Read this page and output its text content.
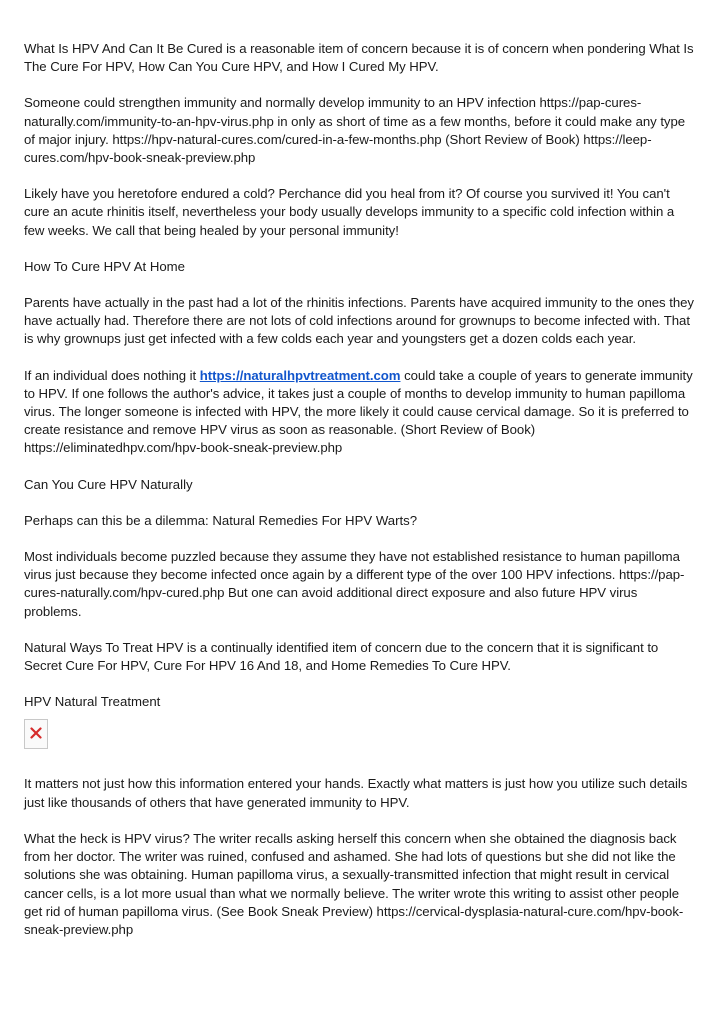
What Is HPV And Can It Be Cured is a reasonable item of concern because it is of concern when pondering What Is The Cure For HPV, How Can You Cure HPV, and How I Cured My HPV.

Someone could strengthen immunity and normally develop immunity to an HPV infection https://pap-cures-naturally.com/immunity-to-an-hpv-virus.php in only as short of time as a few months, before it could make any type of major injury. https://hpv-natural-cures.com/cured-in-a-few-months.php (Short Review of Book) https://leep-cures.com/hpv-book-sneak-preview.php

Likely have you heretofore endured a cold? Perchance did you heal from it? Of course you survived it! You can't cure an acute rhinitis itself, nevertheless your body usually develops immunity to a specific cold infection within a few weeks. We call that being healed by your personal immunity!

How To Cure HPV At Home

Parents have actually in the past had a lot of the rhinitis infections. Parents have acquired immunity to the ones they have actually had. Therefore there are not lots of cold infections around for grownups to become infected with. That is why grownups just get infected with a few colds each year and youngsters get a dozen colds each year.

If an individual does nothing it https://naturalhpvtreatment.com could take a couple of years to generate immunity to HPV. If one follows the author's advice, it takes just a couple of months to develop immunity to human papilloma virus. The longer someone is infected with HPV, the more likely it could cause cervical damage. So it is preferred to create resistance and remove HPV virus as soon as reasonable. (Short Review of Book) https://eliminatedhpv.com/hpv-book-sneak-preview.php

Can You Cure HPV Naturally

Perhaps can this be a dilemma: Natural Remedies For HPV Warts?

Most individuals become puzzled because they assume they have not established resistance to human papilloma virus just because they become infected once again by a different type of the over 100 HPV infections. https://pap-cures-naturally.com/hpv-cured.php But one can avoid additional direct exposure and also future HPV virus problems.

Natural Ways To Treat HPV is a continually identified item of concern due to the concern that it is significant to Secret Cure For HPV, Cure For HPV 16 And 18, and Home Remedies To Cure HPV.

HPV Natural Treatment

It matters not just how this information entered your hands. Exactly what matters is just how you utilize such details just like thousands of others that have generated immunity to HPV.

What the heck is HPV virus? The writer recalls asking herself this concern when she obtained the diagnosis back from her doctor. The writer was ruined, confused and ashamed. She had lots of questions but she did not like the solutions she was obtaining. Human papilloma virus, a sexually-transmitted infection that might result in cervical cancer cells, is a lot more usual than what we normally believe. The writer wrote this writing to assist other people get rid of human papilloma virus. (See Book Sneak Preview) https://cervical-dysplasia-natural-cure.com/hpv-book-sneak-preview.php
